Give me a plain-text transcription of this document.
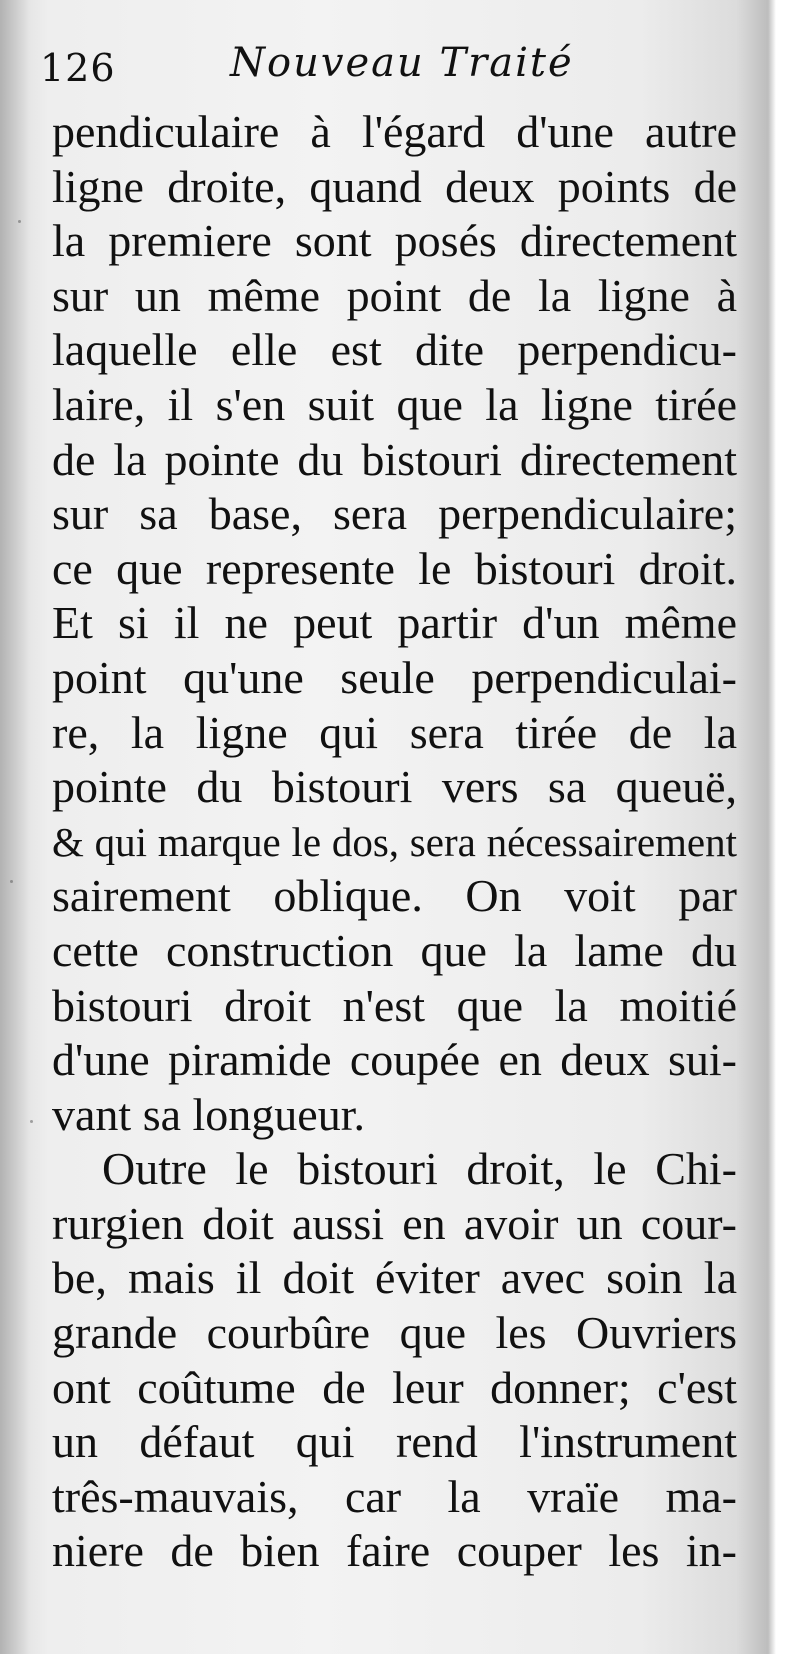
126	Nouveau Traité
pendiculaire à l'égard d'une autre
ligne droite, quand deux points de
la premiere sont posés directement
sur un même point de la ligne à
laquelle elle est dite perpendicu-
laire, il s'en suit que la ligne tirée
de la pointe du bistouri directement
sur sa base, sera perpendiculaire;
ce que represente le bistouri droit.
Et si il ne peut partir d'un même
point qu'une seule perpendiculai-
re, la ligne qui sera tirée de la
pointe du bistouri vers sa queuë,
& qui marque le dos, sera nécessairement
sairement oblique. On voit par
cette construction que la lame du
bistouri droit n'est que la moitié
d'une piramide coupée en deux sui-
vant sa longueur.
Outre le bistouri droit, le Chi-
rurgien doit aussi en avoir un cour-
be, mais il doit éviter avec soin la
grande courbûre que les Ouvriers
ont coûtume de leur donner; c'est
un défaut qui rend l'instrument
três-mauvais, car la vraïe ma-
niere de bien faire couper les in-
